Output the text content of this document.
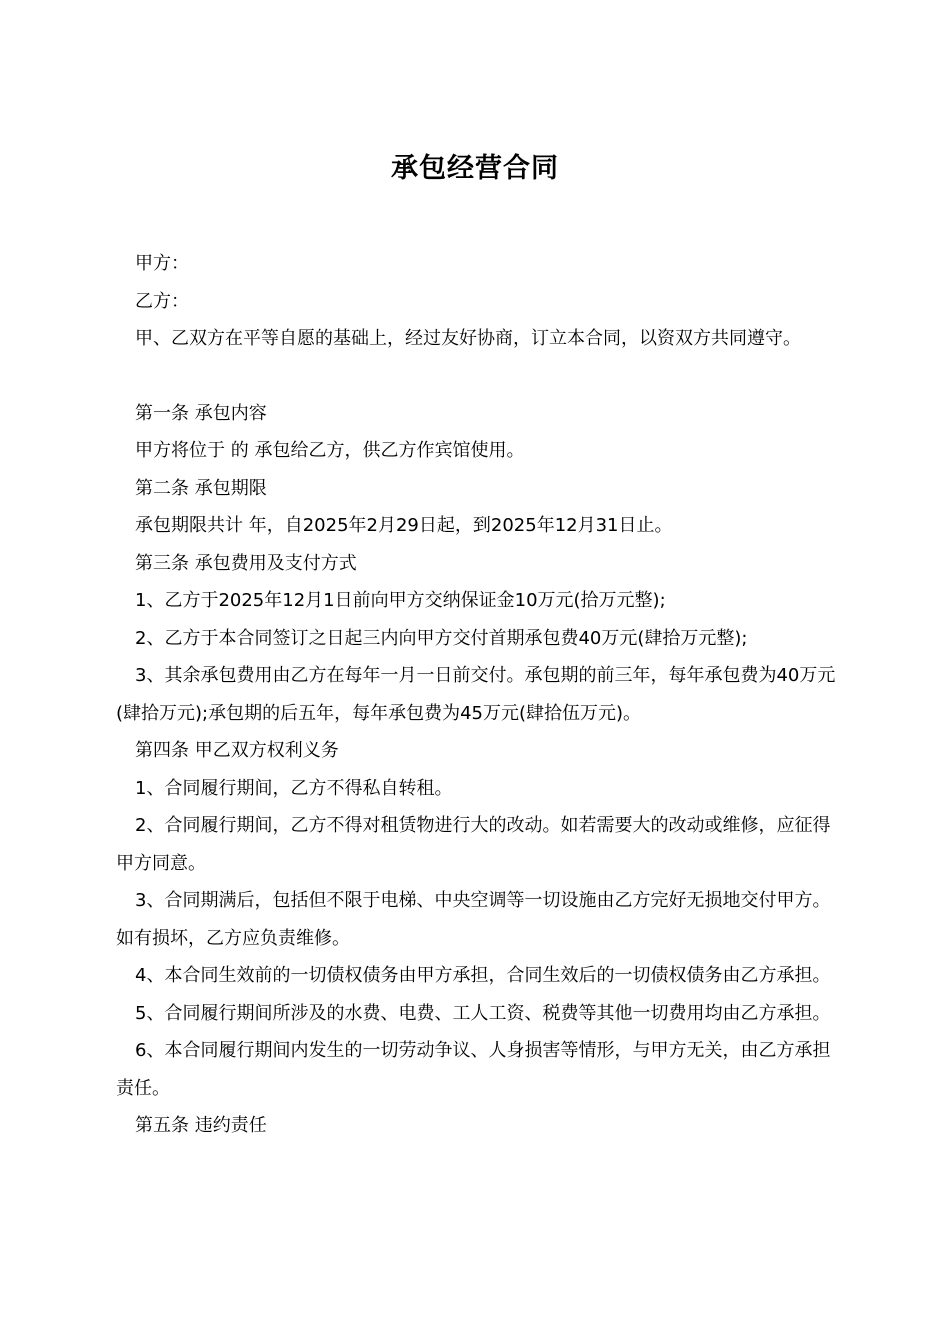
承包经营合同

甲方：

乙方：

甲、乙双方在平等自愿的基础上，经过友好协商，订立本合同，以资双方共同遵守。

第一条 承包内容

甲方将位于 的 承包给乙方，供乙方作宾馆使用。

第二条 承包期限

承包期限共计 年，自2025年2月29日起，到2025年12月31日止。

第三条 承包费用及支付方式

1、乙方于2025年12月1日前向甲方交纳保证金10万元(拾万元整);

2、乙方于本合同签订之日起三内向甲方交付首期承包费40万元(肆拾万元整);

3、其余承包费用由乙方在每年一月一日前交付。承包期的前三年，每年承包费为40万元(肆拾万元);承包期的后五年，每年承包费为45万元(肆拾伍万元)。

第四条 甲乙双方权利义务

1、合同履行期间，乙方不得私自转租。

2、合同履行期间，乙方不得对租赁物进行大的改动。如若需要大的改动或维修，应征得甲方同意。

3、合同期满后，包括但不限于电梯、中央空调等一切设施由乙方完好无损地交付甲方。如有损坏，乙方应负责维修。

4、本合同生效前的一切债权债务由甲方承担，合同生效后的一切债权债务由乙方承担。

5、合同履行期间所涉及的水费、电费、工人工资、税费等其他一切费用均由乙方承担。

6、本合同履行期间内发生的一切劳动争议、人身损害等情形，与甲方无关，由乙方承担责任。

第五条 违约责任
